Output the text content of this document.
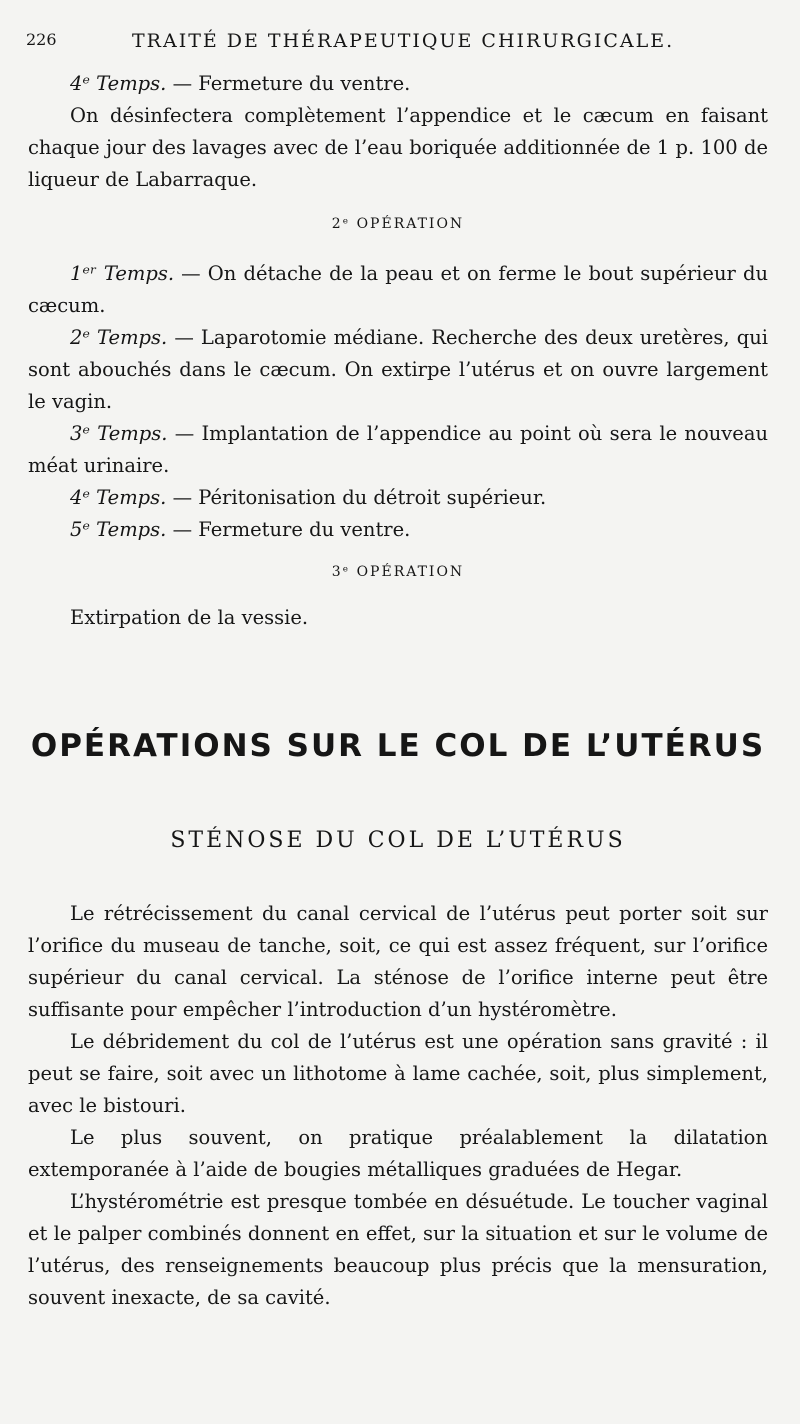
226	TRAITÉ DE THÉRAPEUTIQUE CHIRURGICALE.

4ᵉ Temps. — Fermeture du ventre.

On désinfectera complètement l’appendice et le cæcum en faisant chaque jour des lavages avec de l’eau boriquée additionnée de 1 p. 100 de liqueur de Labarraque.

2ᵉ OPÉRATION

1ᵉʳ Temps. — On détache de la peau et on ferme le bout supérieur du cæcum.

2ᵉ Temps. — Laparotomie médiane. Recherche des deux uretères, qui sont abouchés dans le cæcum. On extirpe l’utérus et on ouvre largement le vagin.

3ᵉ Temps. — Implantation de l’appendice au point où sera le nouveau méat urinaire.

4ᵉ Temps. — Péritonisation du détroit supérieur.

5ᵉ Temps. — Fermeture du ventre.

3ᵉ OPÉRATION

Extirpation de la vessie.

OPÉRATIONS SUR LE COL DE L’UTÉRUS
STÉNOSE DU COL DE L’UTÉRUS

Le rétrécissement du canal cervical de l’utérus peut porter soit sur l’orifice du museau de tanche, soit, ce qui est assez fréquent, sur l’orifice supérieur du canal cervical. La sténose de l’orifice interne peut être suffisante pour empêcher l’introduction d’un hystéromètre.

Le débridement du col de l’utérus est une opération sans gravité : il peut se faire, soit avec un lithotome à lame cachée, soit, plus simplement, avec le bistouri.

Le plus souvent, on pratique préalablement la dilatation extemporanée à l’aide de bougies métalliques graduées de Hegar.

L’hystérométrie est presque tombée en désuétude. Le toucher vaginal et le palper combinés donnent en effet, sur la situation et sur le volume de l’utérus, des renseignements beaucoup plus précis que la mensuration, souvent inexacte, de sa cavité.
